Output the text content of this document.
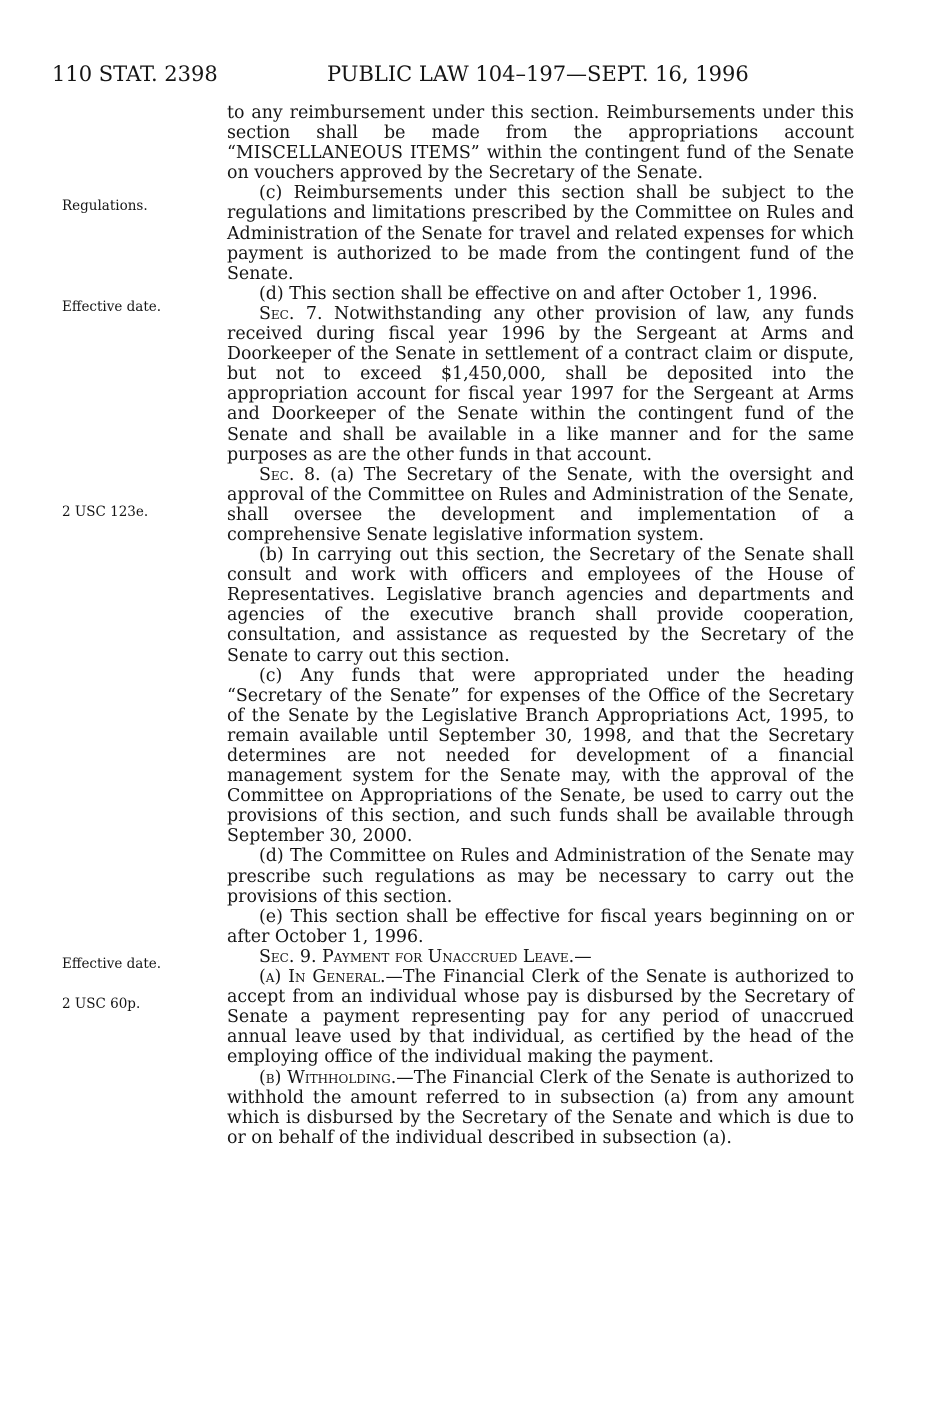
110 STAT. 2398	PUBLIC LAW 104–197—SEPT. 16, 1996
Regulations.
Effective date.
2 USC 123e.
Effective date.
2 USC 60p.

to any reimbursement under this section. Reimbursements under this section shall be made from the appropriations account “MISCELLANEOUS ITEMS” within the contingent fund of the Senate on vouchers approved by the Secretary of the Senate.

(c) Reimbursements under this section shall be subject to the regulations and limitations prescribed by the Committee on Rules and Administration of the Senate for travel and related expenses for which payment is authorized to be made from the contingent fund of the Senate.

(d) This section shall be effective on and after October 1, 1996.

Sec. 7. Notwithstanding any other provision of law, any funds received during fiscal year 1996 by the Sergeant at Arms and Doorkeeper of the Senate in settlement of a contract claim or dispute, but not to exceed $1,450,000, shall be deposited into the appropriation account for fiscal year 1997 for the Sergeant at Arms and Doorkeeper of the Senate within the contingent fund of the Senate and shall be available in a like manner and for the same purposes as are the other funds in that account.

Sec. 8. (a) The Secretary of the Senate, with the oversight and approval of the Committee on Rules and Administration of the Senate, shall oversee the development and implementation of a comprehensive Senate legislative information system.

(b) In carrying out this section, the Secretary of the Senate shall consult and work with officers and employees of the House of Representatives. Legislative branch agencies and departments and agencies of the executive branch shall provide cooperation, consultation, and assistance as requested by the Secretary of the Senate to carry out this section.

(c) Any funds that were appropriated under the heading “Secretary of the Senate” for expenses of the Office of the Secretary of the Senate by the Legislative Branch Appropriations Act, 1995, to remain available until September 30, 1998, and that the Secretary determines are not needed for development of a financial management system for the Senate may, with the approval of the Committee on Appropriations of the Senate, be used to carry out the provisions of this section, and such funds shall be available through September 30, 2000.

(d) The Committee on Rules and Administration of the Senate may prescribe such regulations as may be necessary to carry out the provisions of this section.

(e) This section shall be effective for fiscal years beginning on or after October 1, 1996.

Sec. 9. Payment for Unaccrued Leave.—

(a) In General.—The Financial Clerk of the Senate is authorized to accept from an individual whose pay is disbursed by the Secretary of Senate a payment representing pay for any period of unaccrued annual leave used by that individual, as certified by the head of the employing office of the individual making the payment.

(b) Withholding.—The Financial Clerk of the Senate is authorized to withhold the amount referred to in subsection (a) from any amount which is disbursed by the Secretary of the Senate and which is due to or on behalf of the individual described in subsection (a).
